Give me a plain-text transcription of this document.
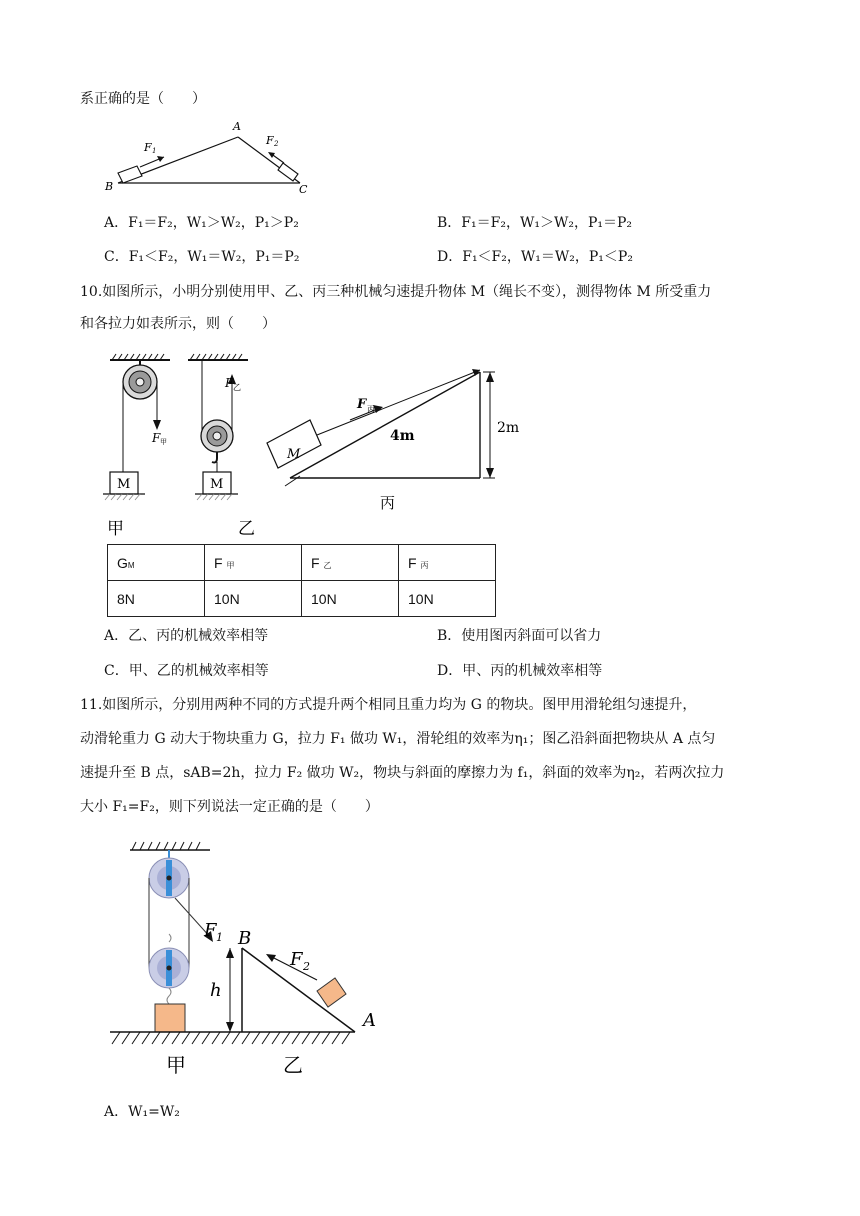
系正确的是（　　）
B
A
C
F 1
F 2
A．F₁＝F₂，W₁＞W₂，P₁＞P₂	B．F₁＝F₂，W₁＞W₂，P₁＝P₂
C．F₁＜F₂，W₁＝W₂，P₁＝P₂	D．F₁＜F₂，W₁＝W₂，P₁＜P₂
10.如图所示，小明分别使用甲、乙、丙三种机械匀速提升物体 M（绳长不变），测得物体 M 所受重力
和各拉力如表所示，则（　　）
M
F 甲
甲
M
F 乙
乙
M
F 丙
4m	2m
丙
GM	F 甲	F 乙	F 丙
8N	10N	10N	10N
A．乙、丙的机械效率相等	B．使用图丙斜面可以省力
C．甲、乙的机械效率相等	D．甲、丙的机械效率相等
11.如图所示，分别用两种不同的方式提升两个相同且重力均为 G 的物块。图甲用滑轮组匀速提升，
动滑轮重力 G 动大于物块重力 G，拉力 F₁ 做功 W₁，滑轮组的效率为η₁；图乙沿斜面把物块从 A 点匀
速提升至 B 点，sAB=2h，拉力 F₂ 做功 W₂，物块与斜面的摩擦力为 f₁，斜面的效率为η₂，若两次拉力
大小 F₁=F₂，则下列说法一定正确的是（　　）
F 1 B
F 2
h
A
甲	乙
A．W₁=W₂
